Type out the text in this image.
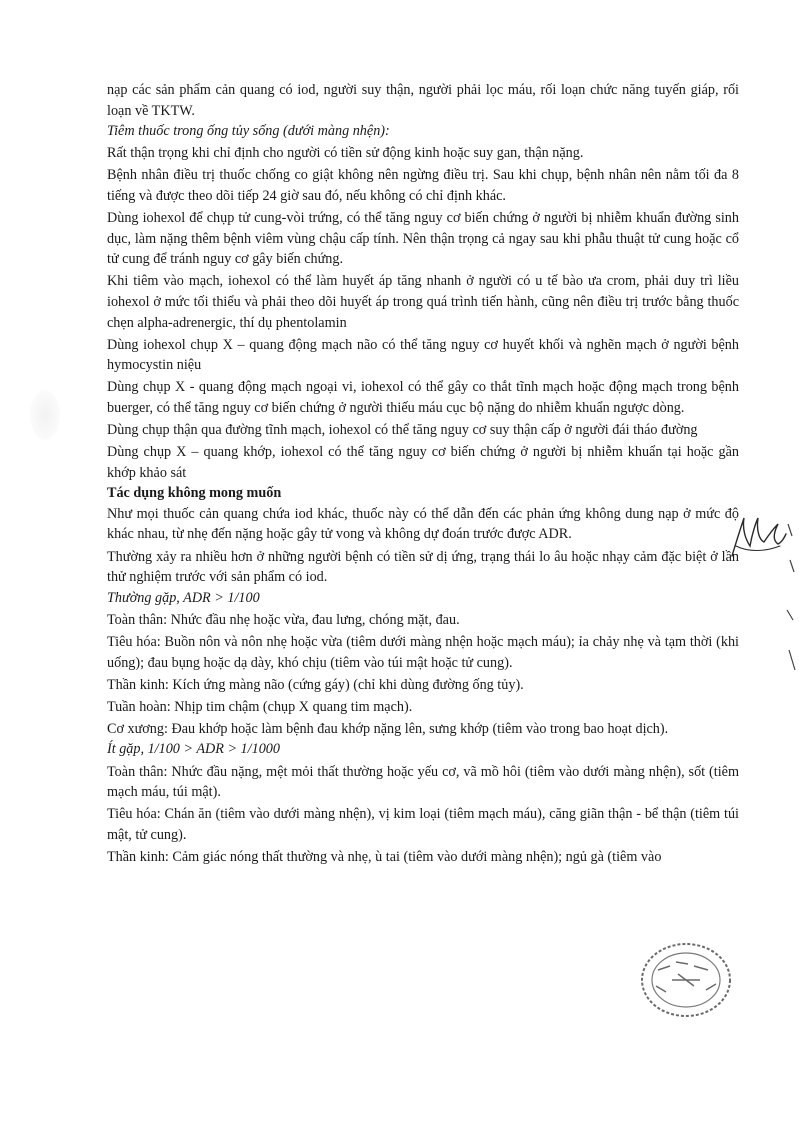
nạp các sản phẩm cản quang có iod, người suy thận, người phải lọc máu, rối loạn chức năng tuyến giáp, rối loạn về TKTW.

Tiêm thuốc trong ống tủy sống (dưới màng nhện):

Rất thận trọng khi chỉ định cho người có tiền sử động kinh hoặc suy gan, thận nặng.

Bệnh nhân điều trị thuốc chống co giật không nên ngừng điều trị. Sau khi chụp, bệnh nhân nên nằm tối đa 8 tiếng và được theo dõi tiếp 24 giờ sau đó, nếu không có chỉ định khác.

Dùng iohexol để chụp tử cung-vòi trứng, có thể tăng nguy cơ biến chứng ở người bị nhiễm khuẩn đường sinh dục, làm nặng thêm bệnh viêm vùng chậu cấp tính. Nên thận trọng cả ngay sau khi phẫu thuật tử cung hoặc cổ tử cung để tránh nguy cơ gây biến chứng.

Khi tiêm vào mạch, iohexol có thể làm huyết áp tăng nhanh ở người có u tế bào ưa crom, phải duy trì liều iohexol ở mức tối thiểu và phải theo dõi huyết áp trong quá trình tiến hành, cũng nên điều trị trước bằng thuốc chẹn alpha-adrenergic, thí dụ phentolamin

Dùng iohexol chụp X – quang động mạch não có thể tăng nguy cơ huyết khối và nghẽn mạch ở người bệnh hymocystin niệu

Dùng chụp X - quang động mạch ngoại vi, iohexol có thể gây co thắt tĩnh mạch hoặc động mạch trong bệnh buerger, có thể tăng nguy cơ biến chứng ở người thiếu máu cục bộ nặng do nhiễm khuẩn ngược dòng.

Dùng chụp thận qua đường tĩnh mạch, iohexol có thể tăng nguy cơ suy thận cấp ở người đái tháo đường

Dùng chụp X – quang khớp, iohexol có thể tăng nguy cơ biến chứng ở người bị nhiễm khuẩn tại hoặc gần khớp khảo sát

Tác dụng không mong muốn

Như mọi thuốc cản quang chứa iod khác, thuốc này có thể dẫn đến các phản ứng không dung nạp ở mức độ khác nhau, từ nhẹ đến nặng hoặc gây tử vong và không dự đoán trước được ADR.

Thường xảy ra nhiều hơn ở những người bệnh có tiền sử dị ứng, trạng thái lo âu hoặc nhạy cảm đặc biệt ở lần thử nghiệm trước với sản phẩm có iod.

Thường gặp, ADR > 1/100

Toàn thân: Nhức đầu nhẹ hoặc vừa, đau lưng, chóng mặt, đau.

Tiêu hóa: Buồn nôn và nôn nhẹ hoặc vừa (tiêm dưới màng nhện hoặc mạch máu); ỉa chảy nhẹ và tạm thời (khi uống); đau bụng hoặc dạ dày, khó chịu (tiêm vào túi mật hoặc tử cung).

Thần kinh: Kích ứng màng não (cứng gáy) (chỉ khi dùng đường ống tủy).

Tuần hoàn: Nhịp tim chậm (chụp X quang tim mạch).

Cơ xương: Đau khớp hoặc làm bệnh đau khớp nặng lên, sưng khớp (tiêm vào trong bao hoạt dịch).

Ít gặp, 1/100 > ADR > 1/1000

Toàn thân: Nhức đầu nặng, mệt mỏi thất thường hoặc yếu cơ, vã mồ hôi (tiêm vào dưới màng nhện), sốt (tiêm mạch máu, túi mật).

Tiêu hóa: Chán ăn (tiêm vào dưới màng nhện), vị kim loại (tiêm mạch máu), căng giãn thận - bể thận (tiêm túi mật, tử cung).

Thần kinh: Cảm giác nóng thất thường và nhẹ, ù tai (tiêm vào dưới màng nhện); ngủ gà (tiêm vào
